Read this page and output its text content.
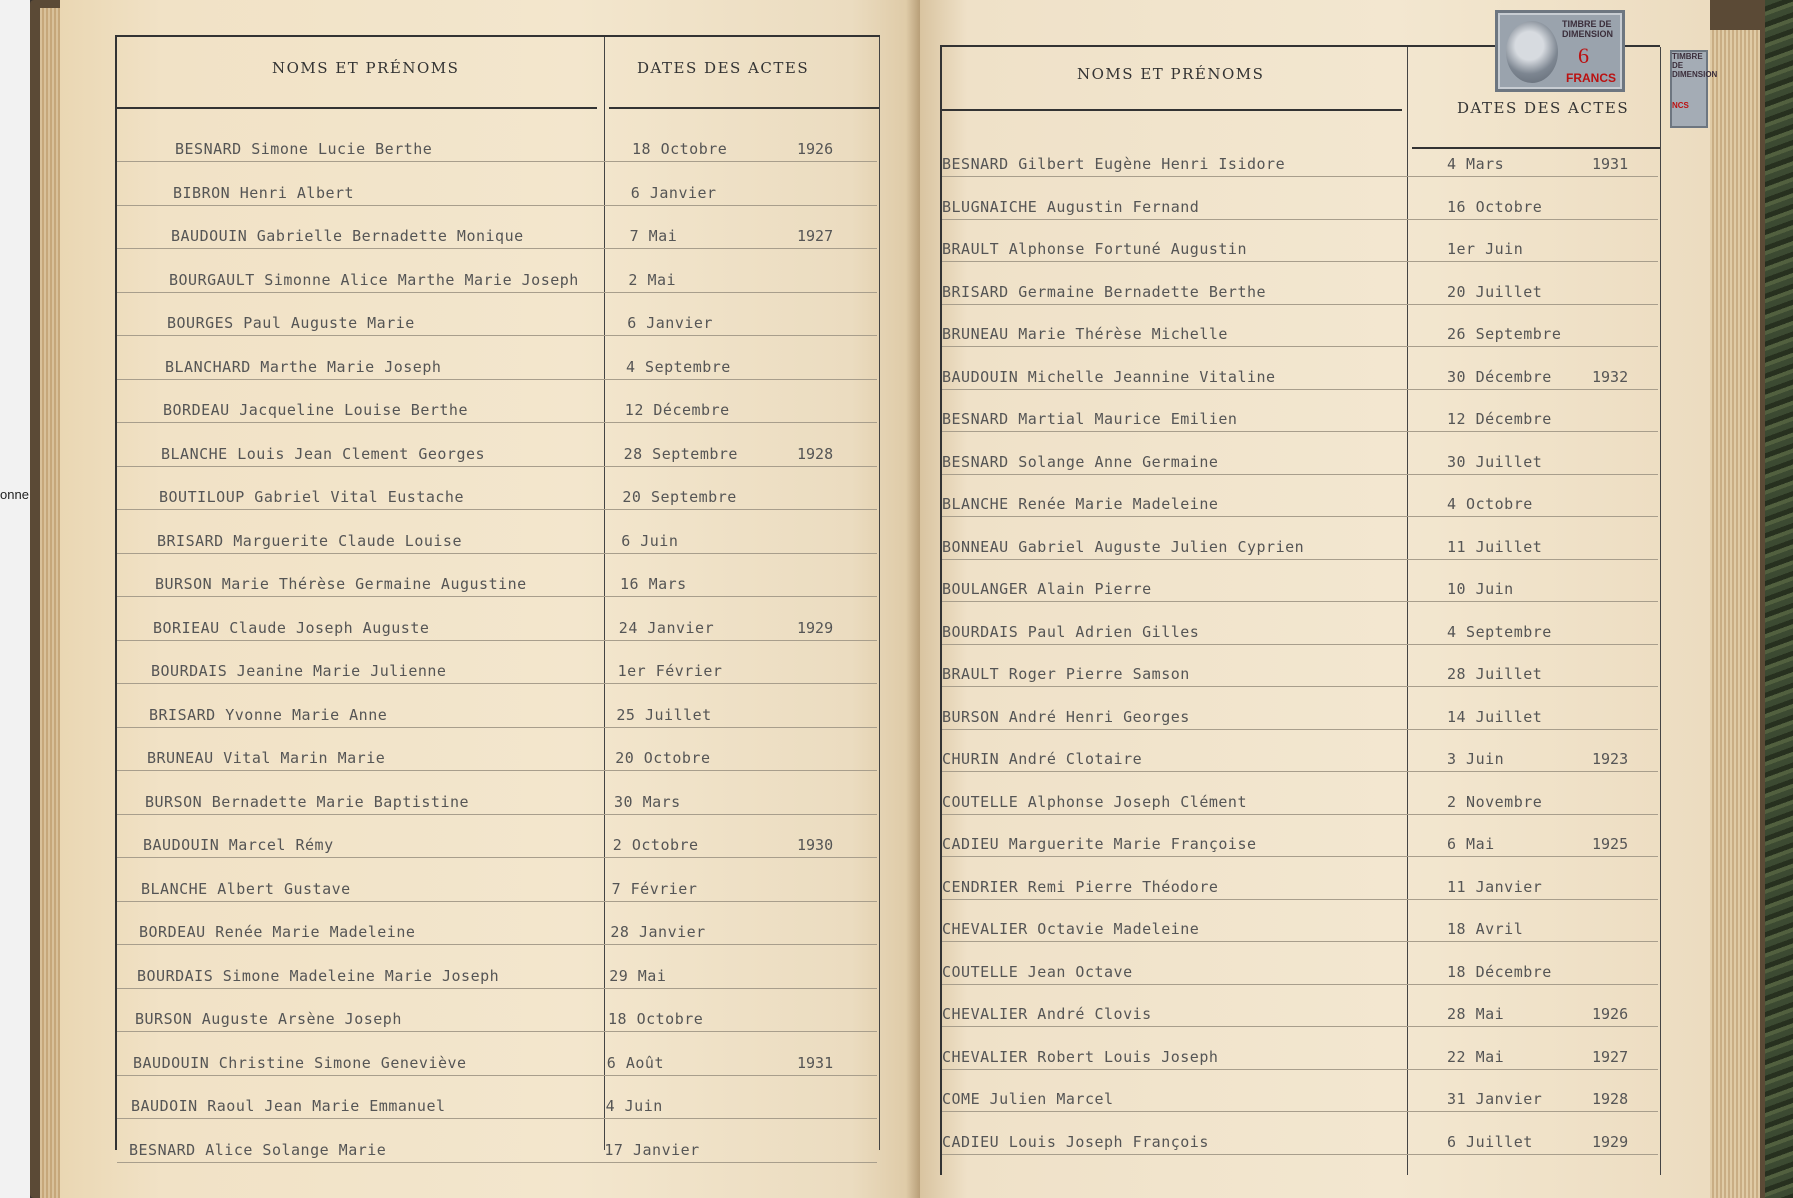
onne
NOMS ET PRÉNOMS	DATES DES ACTES
BESNARD Simone Lucie Berthe	18 Octobre	1926
BIBRON Henri Albert	6 Janvier
BAUDOUIN Gabrielle Bernadette Monique	7 Mai	1927
BOURGAULT Simonne Alice Marthe Marie Joseph	2 Mai
BOURGES Paul Auguste Marie	6 Janvier
BLANCHARD Marthe Marie Joseph	4 Septembre
BORDEAU Jacqueline Louise Berthe	12 Décembre
BLANCHE Louis Jean Clement Georges	28 Septembre	1928
BOUTILOUP Gabriel Vital Eustache	20 Septembre
BRISARD Marguerite Claude Louise	6 Juin
BURSON Marie Thérèse Germaine Augustine	16 Mars
BORIEAU Claude Joseph Auguste	24 Janvier	1929
BOURDAIS Jeanine Marie Julienne	1er Février
BRISARD Yvonne Marie Anne	25 Juillet
BRUNEAU Vital Marin Marie	20 Octobre
BURSON Bernadette Marie Baptistine	30 Mars
BAUDOUIN Marcel Rémy	2 Octobre	1930
BLANCHE Albert Gustave	7 Février
BORDEAU Renée Marie Madeleine	28 Janvier
BOURDAIS Simone Madeleine Marie Joseph	29 Mai
BURSON Auguste Arsène Joseph	18 Octobre
BAUDOUIN Christine Simone Geneviève	6 Août	1931
BAUDOIN Raoul Jean Marie Emmanuel	4 Juin
BESNARD Alice Solange Marie	17 Janvier
NOMS ET PRÉNOMS
DATES DES ACTES
BESNARD Gilbert Eugène Henri Isidore	4 Mars	1931
BLUGNAICHE Augustin Fernand	16 Octobre
BRAULT Alphonse Fortuné Augustin	1er Juin
BRISARD Germaine Bernadette Berthe	20 Juillet
BRUNEAU Marie Thérèse Michelle	26 Septembre
BAUDOUIN Michelle Jeannine Vitaline	30 Décembre	1932
BESNARD Martial Maurice Emilien	12 Décembre
BESNARD Solange Anne Germaine	30 Juillet
BLANCHE Renée Marie Madeleine	4 Octobre
BONNEAU Gabriel Auguste Julien Cyprien	11 Juillet
BOULANGER Alain Pierre	10 Juin
BOURDAIS Paul Adrien Gilles	4 Septembre
BRAULT Roger Pierre Samson	28 Juillet
BURSON André Henri Georges	14 Juillet
CHURIN André Clotaire	3 Juin	1923
COUTELLE Alphonse Joseph Clément	2 Novembre
CADIEU Marguerite Marie Françoise	6 Mai	1925
CENDRIER Remi Pierre Théodore	11 Janvier
CHEVALIER Octavie Madeleine	18 Avril
COUTELLE Jean Octave	18 Décembre
CHEVALIER André Clovis	28 Mai	1926
CHEVALIER Robert Louis Joseph	22 Mai	1927
COME Julien Marcel	31 Janvier	1928
CADIEU Louis Joseph François	6 Juillet	1929
TIMBRE DE
DIMENSION
6
FRANCS
TIMBRE DE
DIMENSION
NCS
